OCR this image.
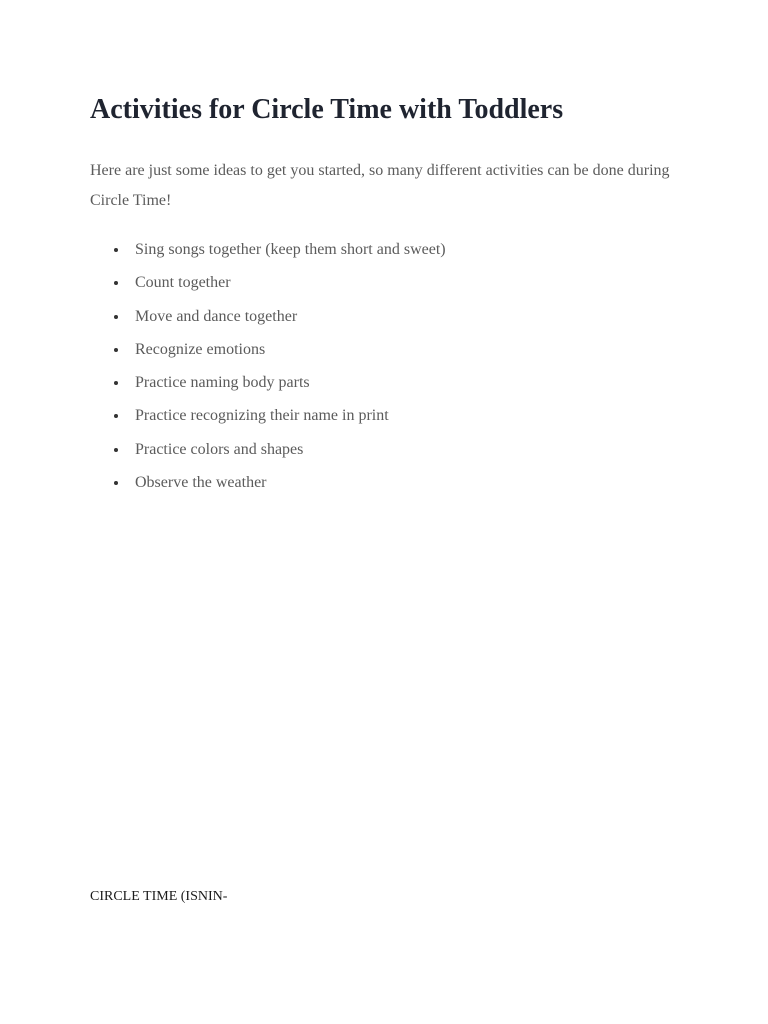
Activities for Circle Time with Toddlers

Here are just some ideas to get you started, so many different activities can be done during Circle Time!

Sing songs together (keep them short and sweet)
Count together
Move and dance together
Recognize emotions
Practice naming body parts
Practice recognizing their name in print
Practice colors and shapes
Observe the weather

CIRCLE TIME (ISNIN-
